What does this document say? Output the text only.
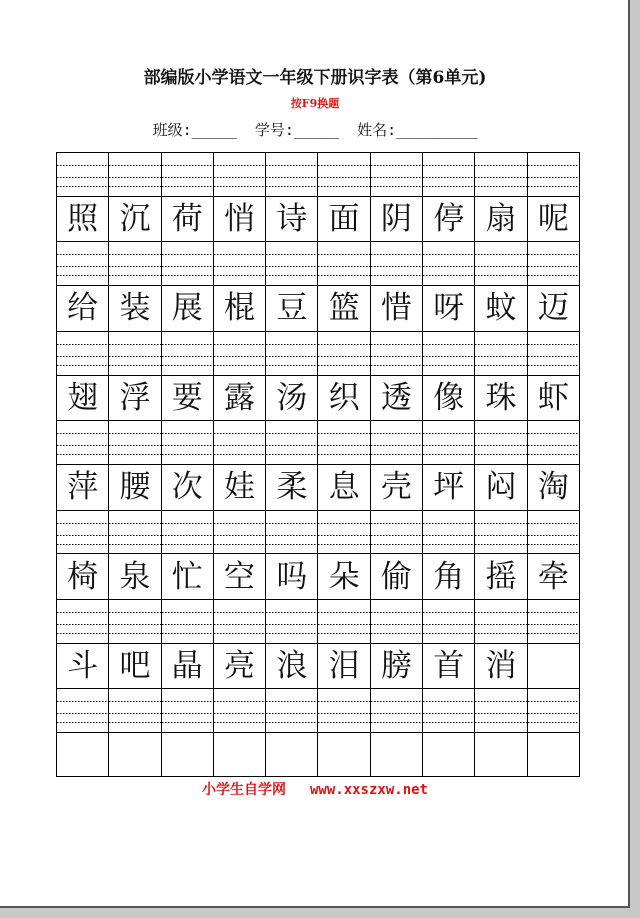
部编版小学语文一年级下册识字表（第6单元)
按F9换题
班级:_____ 学号:_____ 姓名:_________

照	沉	荷	悄	诗	面	阴	停	扇	呢

给	装	展	棍	豆	篮	惜	呀	蚊	迈

翅	浮	要	露	汤	织	透	像	珠	虾

萍	腰	次	娃	柔	息	壳	坪	闷	淘

椅	泉	忙	空	吗	朵	偷	角	摇	牵

斗	吧	晶	亮	浪	泪	膀	首	消	

小学生自学网 www.xxszxw.net
